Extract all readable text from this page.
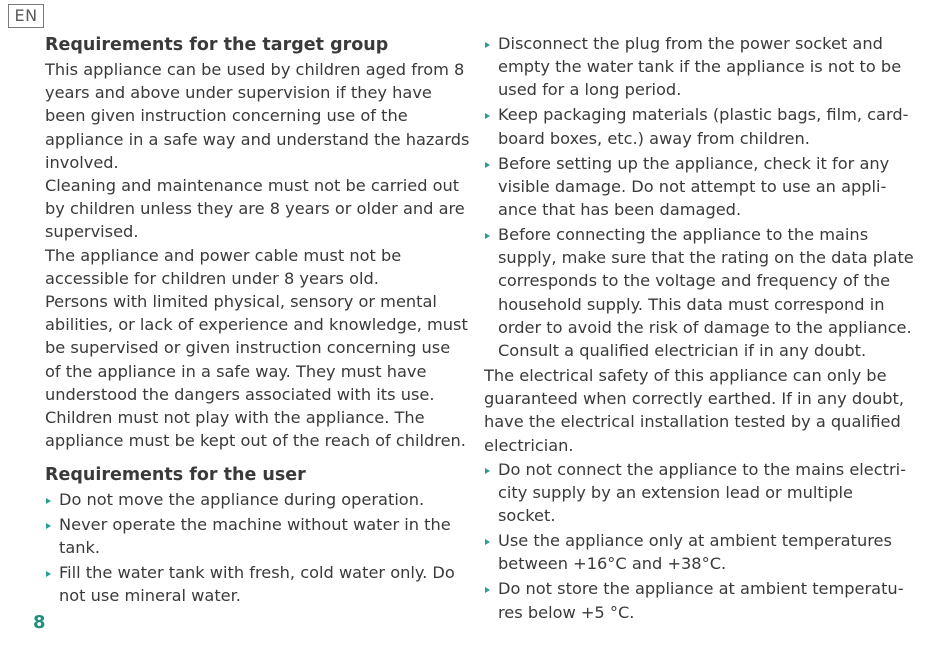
EN
Requirements for the target group

This appliance can be used by children aged from 8 years and above under supervision if they have been given instruction concerning use of the appliance in a safe way and understand the hazards involved.

Cleaning and maintenance must not be carried out by children unless they are 8 years or older and are supervised.

The appliance and power cable must not be accessible for children under 8 years old.

Persons with limited physical, sensory or mental abilities, or lack of experience and knowledge, must be supervised or given instruction concerning use of the appliance in a safe way. They must have understood the dangers associated with its use.

Children must not play with the appliance. The appliance must be kept out of the reach of children.

Requirements for the user
Do not move the appliance during operation.
Never operate the machine without water in the tank.
Fill the water tank with fresh, cold water only. Do not use mineral water.
Disconnect the plug from the power socket and empty the water tank if the appliance is not to be used for a long period.
Keep packaging materials (plastic bags, film, cardboard boxes, etc.) away from children.
Before setting up the appliance, check it for any visible damage. Do not attempt to use an appliance that has been damaged.
Before connecting the appliance to the mains supply, make sure that the rating on the data plate corresponds to the voltage and frequency of the household supply. This data must correspond in order to avoid the risk of damage to the appliance. Consult a qualified electrician if in any doubt.

The electrical safety of this appliance can only be guaranteed when correctly earthed. If in any doubt, have the electrical installation tested by a qualified electrician.

Do not connect the appliance to the mains electricity supply by an extension lead or multiple socket.
Use the appliance only at ambient temperatures between +16°C and +38°C.
Do not store the appliance at ambient temperatures below +5 °C.
8
